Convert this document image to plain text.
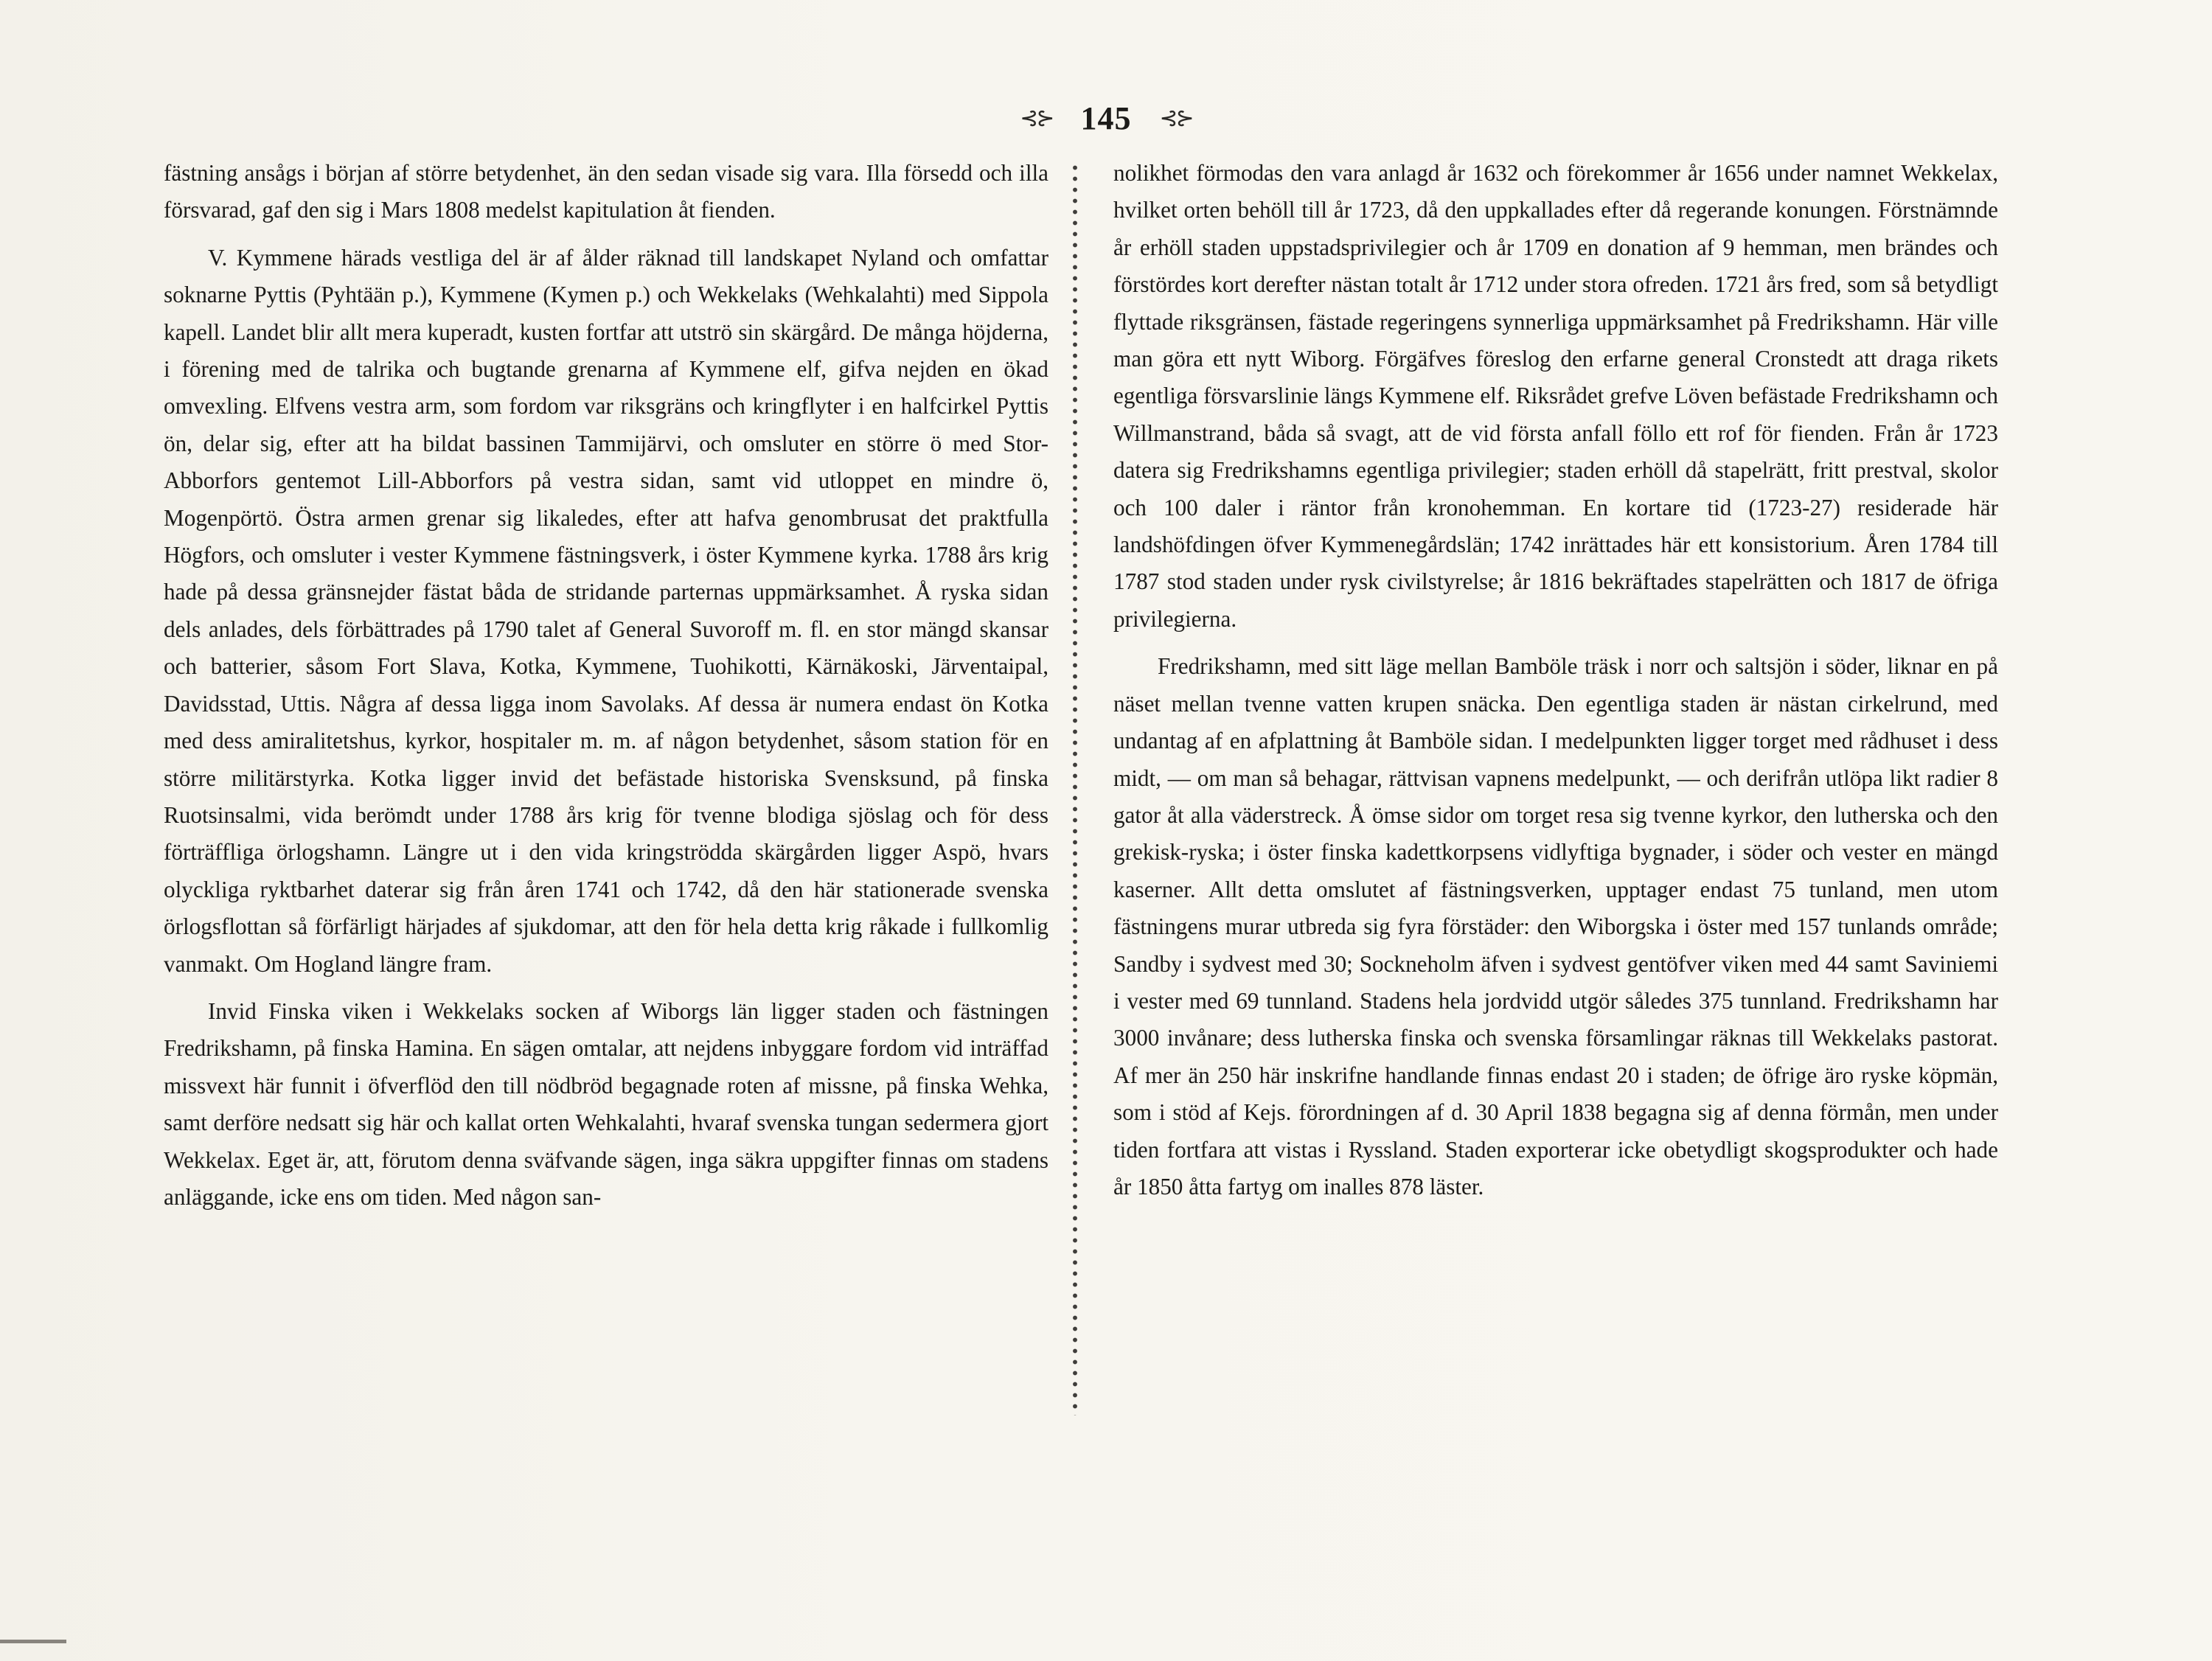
⊰⊱ 145 ⊰⊱

fästning ansågs i början af större betydenhet, än den sedan visade sig vara. Illa försedd och illa försvarad, gaf den sig i Mars 1808 medelst kapitulation åt fienden.

V. Kymmene härads vestliga del är af ålder räknad till landskapet Nyland och omfattar soknarne Pyttis (Pyhtään p.), Kymmene (Kymen p.) och Wekkelaks (Wehkalahti) med Sippola kapell. Landet blir allt mera kuperadt, kusten fortfar att utströ sin skärgård. De många höjderna, i förening med de talrika och bugtande grenarna af Kymmene elf, gifva nejden en ökad omvexling. Elfvens vestra arm, som fordom var riksgräns och kringflyter i en halfcirkel Pyttis ön, delar sig, efter att ha bildat bassinen Tammijärvi, och omsluter en större ö med Stor-Abborfors gentemot Lill-Abborfors på vestra sidan, samt vid utloppet en mindre ö, Mogenpörtö. Östra armen grenar sig likaledes, efter att hafva genombrusat det praktfulla Högfors, och omsluter i vester Kymmene fästningsverk, i öster Kymmene kyrka. 1788 års krig hade på dessa gränsnejder fästat båda de stridande parternas uppmärksamhet. Å ryska sidan dels anlades, dels förbättrades på 1790 talet af General Suvoroff m. fl. en stor mängd skansar och batterier, såsom Fort Slava, Kotka, Kymmene, Tuohikotti, Kärnäkoski, Järventaipal, Davidsstad, Uttis. Några af dessa ligga inom Savolaks. Af dessa är numera endast ön Kotka med dess amiralitetshus, kyrkor, hospitaler m. m. af någon betydenhet, såsom station för en större militärstyrka. Kotka ligger invid det befästade historiska Svensksund, på finska Ruotsinsalmi, vida berömdt under 1788 års krig för tvenne blodiga sjöslag och för dess förträffliga örlogshamn. Längre ut i den vida kringströdda skärgården ligger Aspö, hvars olyckliga ryktbarhet daterar sig från åren 1741 och 1742, då den här stationerade svenska örlogsflottan så förfärligt härjades af sjukdomar, att den för hela detta krig råkade i fullkomlig vanmakt. Om Hogland längre fram.

Invid Finska viken i Wekkelaks socken af Wiborgs län ligger staden och fästningen Fredrikshamn, på finska Hamina. En sägen omtalar, att nejdens inbyggare fordom vid inträffad missvext här funnit i öfverflöd den till nödbröd begagnade roten af missne, på finska Wehka, samt derföre nedsatt sig här och kallat orten Wehkalahti, hvaraf svenska tungan sedermera gjort Wekkelax. Eget är, att, förutom denna sväfvande sägen, inga säkra uppgifter finnas om stadens anläggande, icke ens om tiden. Med någon san-

nolikhet förmodas den vara anlagd år 1632 och förekommer år 1656 under namnet Wekkelax, hvilket orten behöll till år 1723, då den uppkallades efter då regerande konungen. Förstnämnde år erhöll staden uppstadsprivilegier och år 1709 en donation af 9 hemman, men brändes och förstördes kort derefter nästan totalt år 1712 under stora ofreden. 1721 års fred, som så betydligt flyttade riksgränsen, fästade regeringens synnerliga uppmärksamhet på Fredrikshamn. Här ville man göra ett nytt Wiborg. Förgäfves föreslog den erfarne general Cronstedt att draga rikets egentliga försvarslinie längs Kymmene elf. Riksrådet grefve Löven befästade Fredrikshamn och Willmanstrand, båda så svagt, att de vid första anfall föllo ett rof för fienden. Från år 1723 datera sig Fredrikshamns egentliga privilegier; staden erhöll då stapelrätt, fritt prestval, skolor och 100 daler i räntor från kronohemman. En kortare tid (1723-27) residerade här landshöfdingen öfver Kymmenegårdslän; 1742 inrättades här ett konsistorium. Åren 1784 till 1787 stod staden under rysk civilstyrelse; år 1816 bekräftades stapelrätten och 1817 de öfriga privilegierna.

Fredrikshamn, med sitt läge mellan Bamböle träsk i norr och saltsjön i söder, liknar en på näset mellan tvenne vatten krupen snäcka. Den egentliga staden är nästan cirkelrund, med undantag af en afplattning åt Bamböle sidan. I medelpunkten ligger torget med rådhuset i dess midt, — om man så behagar, rättvisan vapnens medelpunkt, — och derifrån utlöpa likt radier 8 gator åt alla väderstreck. Å ömse sidor om torget resa sig tvenne kyrkor, den lutherska och den grekisk-ryska; i öster finska kadettkorpsens vidlyftiga bygnader, i söder och vester en mängd kaserner. Allt detta omslutet af fästningsverken, upptager endast 75 tunland, men utom fästningens murar utbreda sig fyra förstäder: den Wiborgska i öster med 157 tunlands område; Sandby i sydvest med 30; Sockneholm äfven i sydvest gentöfver viken med 44 samt Saviniemi i vester med 69 tunnland. Stadens hela jordvidd utgör således 375 tunnland. Fredrikshamn har 3000 invånare; dess lutherska finska och svenska församlingar räknas till Wekkelaks pastorat. Af mer än 250 här inskrifne handlande finnas endast 20 i staden; de öfrige äro ryske köpmän, som i stöd af Kejs. förordningen af d. 30 April 1838 begagna sig af denna förmån, men under tiden fortfara att vistas i Ryssland. Staden exporterar icke obetydligt skogsprodukter och hade år 1850 åtta fartyg om inalles 878 läster.
